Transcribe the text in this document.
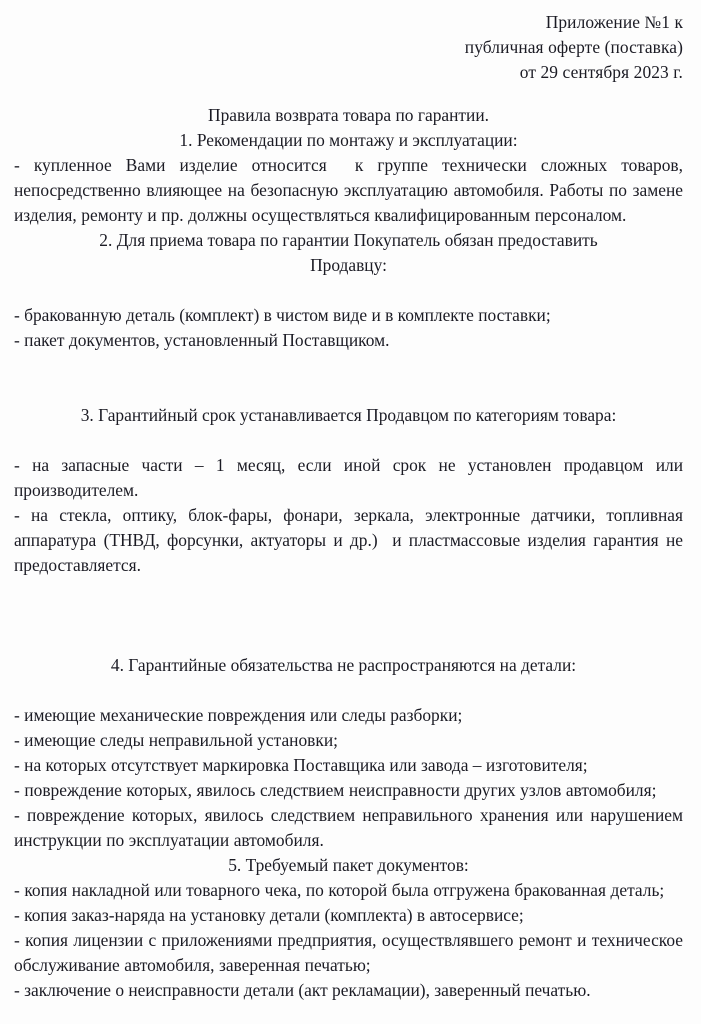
Приложение №1 к
публичная оферте (поставка)
от 29 сентября 2023 г.
Правила возврата товара по гарантии.
1. Рекомендации по монтажу и эксплуатации:
- купленное Вами изделие относится  к группе технически сложных товаров, непосредственно влияющее на безопасную эксплуатацию автомобиля. Работы по замене изделия, ремонту и пр. должны осуществляться квалифицированным персоналом.
2. Для приема товара по гарантии Покупатель обязан предоставить
Продавцу:
- бракованную деталь (комплект) в чистом виде и в комплекте поставки;
- пакет документов, установленный Поставщиком.
3. Гарантийный срок устанавливается Продавцом по категориям товара:
- на запасные части – 1 месяц, если иной срок не установлен продавцом или производителем.
- на стекла, оптику, блок-фары, фонари, зеркала, электронные датчики, топливная аппаратура (ТНВД, форсунки, актуаторы и др.)  и пластмассовые изделия гарантия не предоставляется.
4. Гарантийные обязательства не распространяются на детали:
- имеющие механические повреждения или следы разборки;
- имеющие следы неправильной установки;
- на которых отсутствует маркировка Поставщика или завода – изготовителя;
- повреждение которых, явилось следствием неисправности других узлов автомобиля;
- повреждение которых, явилось следствием неправильного хранения или нарушением инструкции по эксплуатации автомобиля.
5. Требуемый пакет документов:
- копия накладной или товарного чека, по которой была отгружена бракованная деталь;
- копия заказ-наряда на установку детали (комплекта) в автосервисе;
- копия лицензии с приложениями предприятия, осуществлявшего ремонт и техническое обслуживание автомобиля, заверенная печатью;
- заключение о неисправности детали (акт рекламации), заверенный печатью.
